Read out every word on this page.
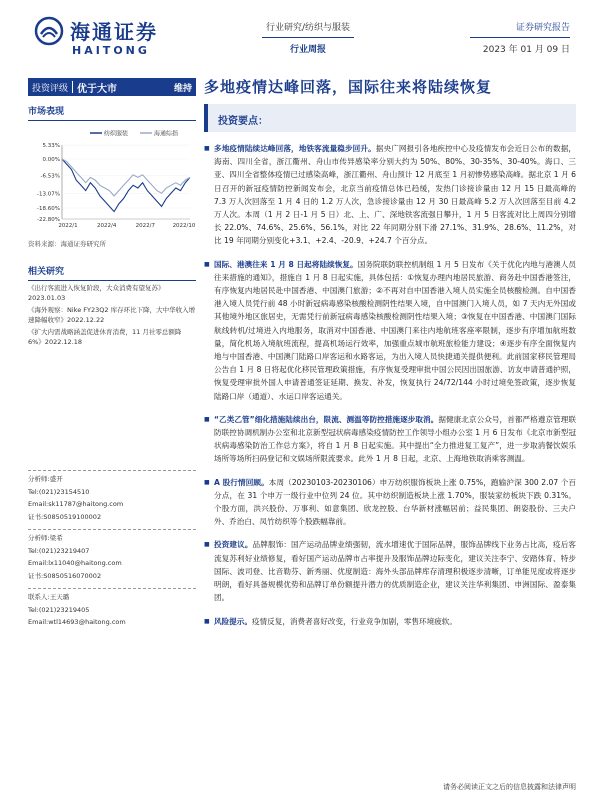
海通证券
HAITONG
行业研究/纺织与服装
行业周报
证券研究报告
2023 年 01 月 09 日
投资评级 优于大市	维持 多地疫情达峰回落，国际往来将陆续恢复
市场表现
纺织服装	海通综指
-22.80%
-18.60%
-13.07%
-6.53%
0.00%
5.33%
2022/1	2022/4	2022/7	2022/10
资料来源：海通证券研究所
相关研究
《出行客流进入恢复阶段，大众消费有望复苏》2023.01.03
《海外观察：Nike FY23Q2 库存环比下降，大中华收入增速降幅收窄》2022.12.22
《扩大内需战略涵盖促进休育消费，11 月社零总额降 6%》2022.12.18
分析师:盛开
Tel:(021)23154510
Email:sk11787@haitong.com
证书:S0850519100002
分析师:梁希
Tel:(021)23219407
Email:lx11040@haitong.com
证书:S0850516070002
联系人:王天璐
Tel:(021)23219405
Email:wtl14693@haitong.com
投资要点：
■ 多地疫情陆续达峰回落，地铁客流量稳步回升。据央广网报引各地疾控中心及疫情发布会近日公布的数据，海南、四川全省，浙江衢州、舟山市传异感染率分别大约为 50%、80%、30-35%、30-40%。海口、三亚、四川全省整体疫情已过感染高峰，浙江衢州、舟山预计 12 月底至 1 月初惨势感染高峰。据北京 1 月 6 日召开的新冠疫情防控新闻发布会，北京当前疫情总体已趋缓，发热门诊接诊量由 12 月 15 日最高峰的 7.3 万人次回落至 1 月 4 日的 1.2 万人次，急诊接诊量由 12 月 30 日最高峰 5.2 万人次回落至目前 4.2 万人次。本周（1 月 2 日-1 月 5 日）北、上、广、深地铁客流强日攀升，1 月 5 日客流对比上周四分别增长 22.0%、74.6%、25.6%、56.1%，对比 22 年同期分别下滑 27.1%、31.9%、28.6%、11.2%，对比 19 年同期分别变化+3.1、+2.4、-20.9、+24.7 个百分点。
■ 国际、港澳往来 1 月 8 日起将陆续恢复。国务院联防联控机制组 1 月 5 日发布《关于优化内地与港澳人员往来措施的通知》，措施自 1 月 8 日起实施，具体包括：①恢复办理内地居民旅游、商务赴中国香港签注，有序恢复内地居民赴中国香港、中国澳门旅游；②不再对自中国香港入境人员实施全员核酸检测。自中国香港入境人员凭行前 48 小时新冠病毒感染核酸检测阴性结果入境，自中国澳门入境人员，如 7 天内无外国或其他境外地区旅居史，无需凭行前新冠病毒感染核酸检测阴性结果入境；③恢复在中国香港、中国澳门国际航线转机/过境进入内地服务，取消对中国香港、中国澳门来往内地航班客座率限制，逐步有序增加航班数量，简化机场入境航班流程，提高机场运行效率，加强重点城市航班旅检能力建设；④逐步有序全面恢复内地与中国香港、中国澳门陆路口岸客运和水路客运，为出入境人员快捷通关提供便利。此前国家移民管理局公告自 1 月 8 日将起优化移民管理政策措施，有序恢复受理审批中国公民因出国旅游、访友申请普通护照，恢复受理审批外国人申请普通签证延期、换发、补发，恢复执行 24/72/144 小时过境免签政策，逐步恢复陆路口岸（通道）、水运口岸客运通关。
■ “乙类乙管”细化措施陆续出台，限流、测温等防控措施逐步取消。据健康北京公众号，首都严格遵京管理联防联控协调机制办公室和北京新型冠状病毒感染疫情防控工作领导小组办公室 1 月 6 日发布《北京市新型冠状病毒感染防治工作总方案》，将自 1 月 8 日起实施。其中提出“全力推进复工复产”，进一步取消餐饮娱乐场所等场所扫码登记和文娱场所限流要求。此外 1 月 8 日起，北京、上海地铁取消乘客测温。
■ A 股行情回顾。本周（20230103-20230106）申万纺织服饰板块上涨 0.75%，跑输沪深 300 2.07 个百分点，在 31 个申万一级行业中位列 24 位。其中纺织制造板块上涨 1.70%，服装家纺板块下跌 0.31%。个股方面，洪兴股份、万事利、如意集团、欣龙控股、台华新材涨幅居前；益民集团、朗姿股份、三夫户外、乔治白、凤竹纺织等个股跌幅靠前。
■ 投资建议。品牌服饰：国产运动品牌业绩强韧，流水增速优于国际品牌，服饰品牌线下业务占比高，疫后客流复苏利好业绩修复，看好国产运动品牌市占率提升及服饰品牌边际变化，建议关注李宁、安踏体育、特步国际、波司登、比音勒芬、新秀丽、优度制造：海外头部品牌库存清理积极逐步清晰，订单能见度或将逐步明朗，看好具备规模优势和品牌订单份额提升潜力的优质制造企业，建议关注华利集团、申洲国际、盈泰集团。
■ 风险提示。疫情反复，消费者喜好改变，行业竞争加剧，零售环境疲软。
请务必阅读正文之后的信息披露和法律声明
